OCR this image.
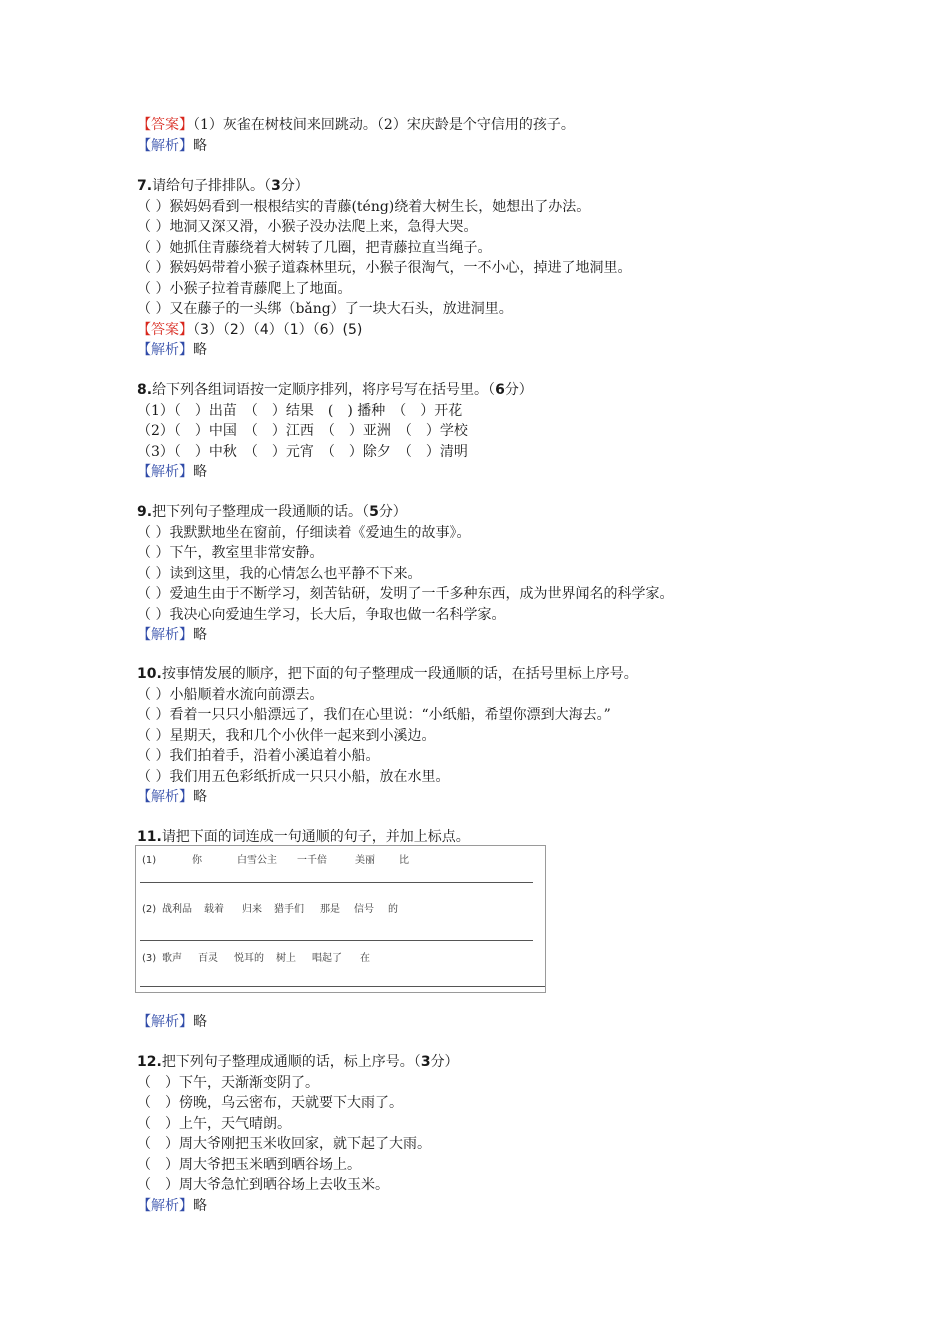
【答案】（1）灰雀在树枝间来回跳动。（2）宋庆龄是个守信用的孩子。
【解析】略
7.请给句子排排队。（3分）
（ ）猴妈妈看到一根根结实的青藤(téng)绕着大树生长，她想出了办法。
（ ）地洞又深又滑，小猴子没办法爬上来，急得大哭。
（ ）她抓住青藤绕着大树转了几圈，把青藤拉直当绳子。
（ ）猴妈妈带着小猴子道森林里玩，小猴子很淘气，一不小心，掉进了地洞里。
（ ）小猴子拉着青藤爬上了地面。
（ ）又在藤子的一头绑（bǎng）了一块大石头，放进洞里。
【答案】（3）（2）（4）（1）（6）(5)
【解析】略
8.给下列各组词语按一定顺序排列，将序号写在括号里。（6分）
（1）（　）出苗　（　）结果　(　) 播种　（　）开花
（2）（　）中国　（　）江西　（　）亚洲　（　）学校
（3）（　）中秋　（　）元宵　（　）除夕　（　）清明
【解析】略
9.把下列句子整理成一段通顺的话。（5分）
（ ）我默默地坐在窗前，仔细读着《爱迪生的故事》。
（ ）下午，教室里非常安静。
（ ）读到这里，我的心情怎么也平静不下来。
（ ）爱迪生由于不断学习，刻苦钻研，发明了一千多种东西，成为世界闻名的科学家。
（ ）我决心向爱迪生学习，长大后，争取也做一名科学家。
【解析】略
10.按事情发展的顺序，把下面的句子整理成一段通顺的话，在括号里标上序号。
（ ）小船顺着水流向前漂去。
（ ）看着一只只小船漂远了，我们在心里说：“小纸船，希望你漂到大海去。”
（ ）星期天，我和几个小伙伴一起来到小溪边。
（ ）我们拍着手，沿着小溪追着小船。
（ ）我们用五色彩纸折成一只只小船，放在水里。
【解析】略
11.请把下面的词连成一句通顺的句子，并加上标点。
(1)	你	白雪公主 一千倍	美丽 比
(2) 战利品 载着 归来 猎手们 那是 信号 的
(3) 歌声 百灵 悦耳的 树上 唱起了 在
【解析】略
12.把下列句子整理成通顺的话，标上序号。（3分）
（　）下午，天渐渐变阴了。
（　）傍晚，乌云密布，天就要下大雨了。
（　）上午，天气晴朗。
（　）周大爷刚把玉米收回家，就下起了大雨。
（　）周大爷把玉米晒到晒谷场上。
（　）周大爷急忙到晒谷场上去收玉米。
【解析】略
